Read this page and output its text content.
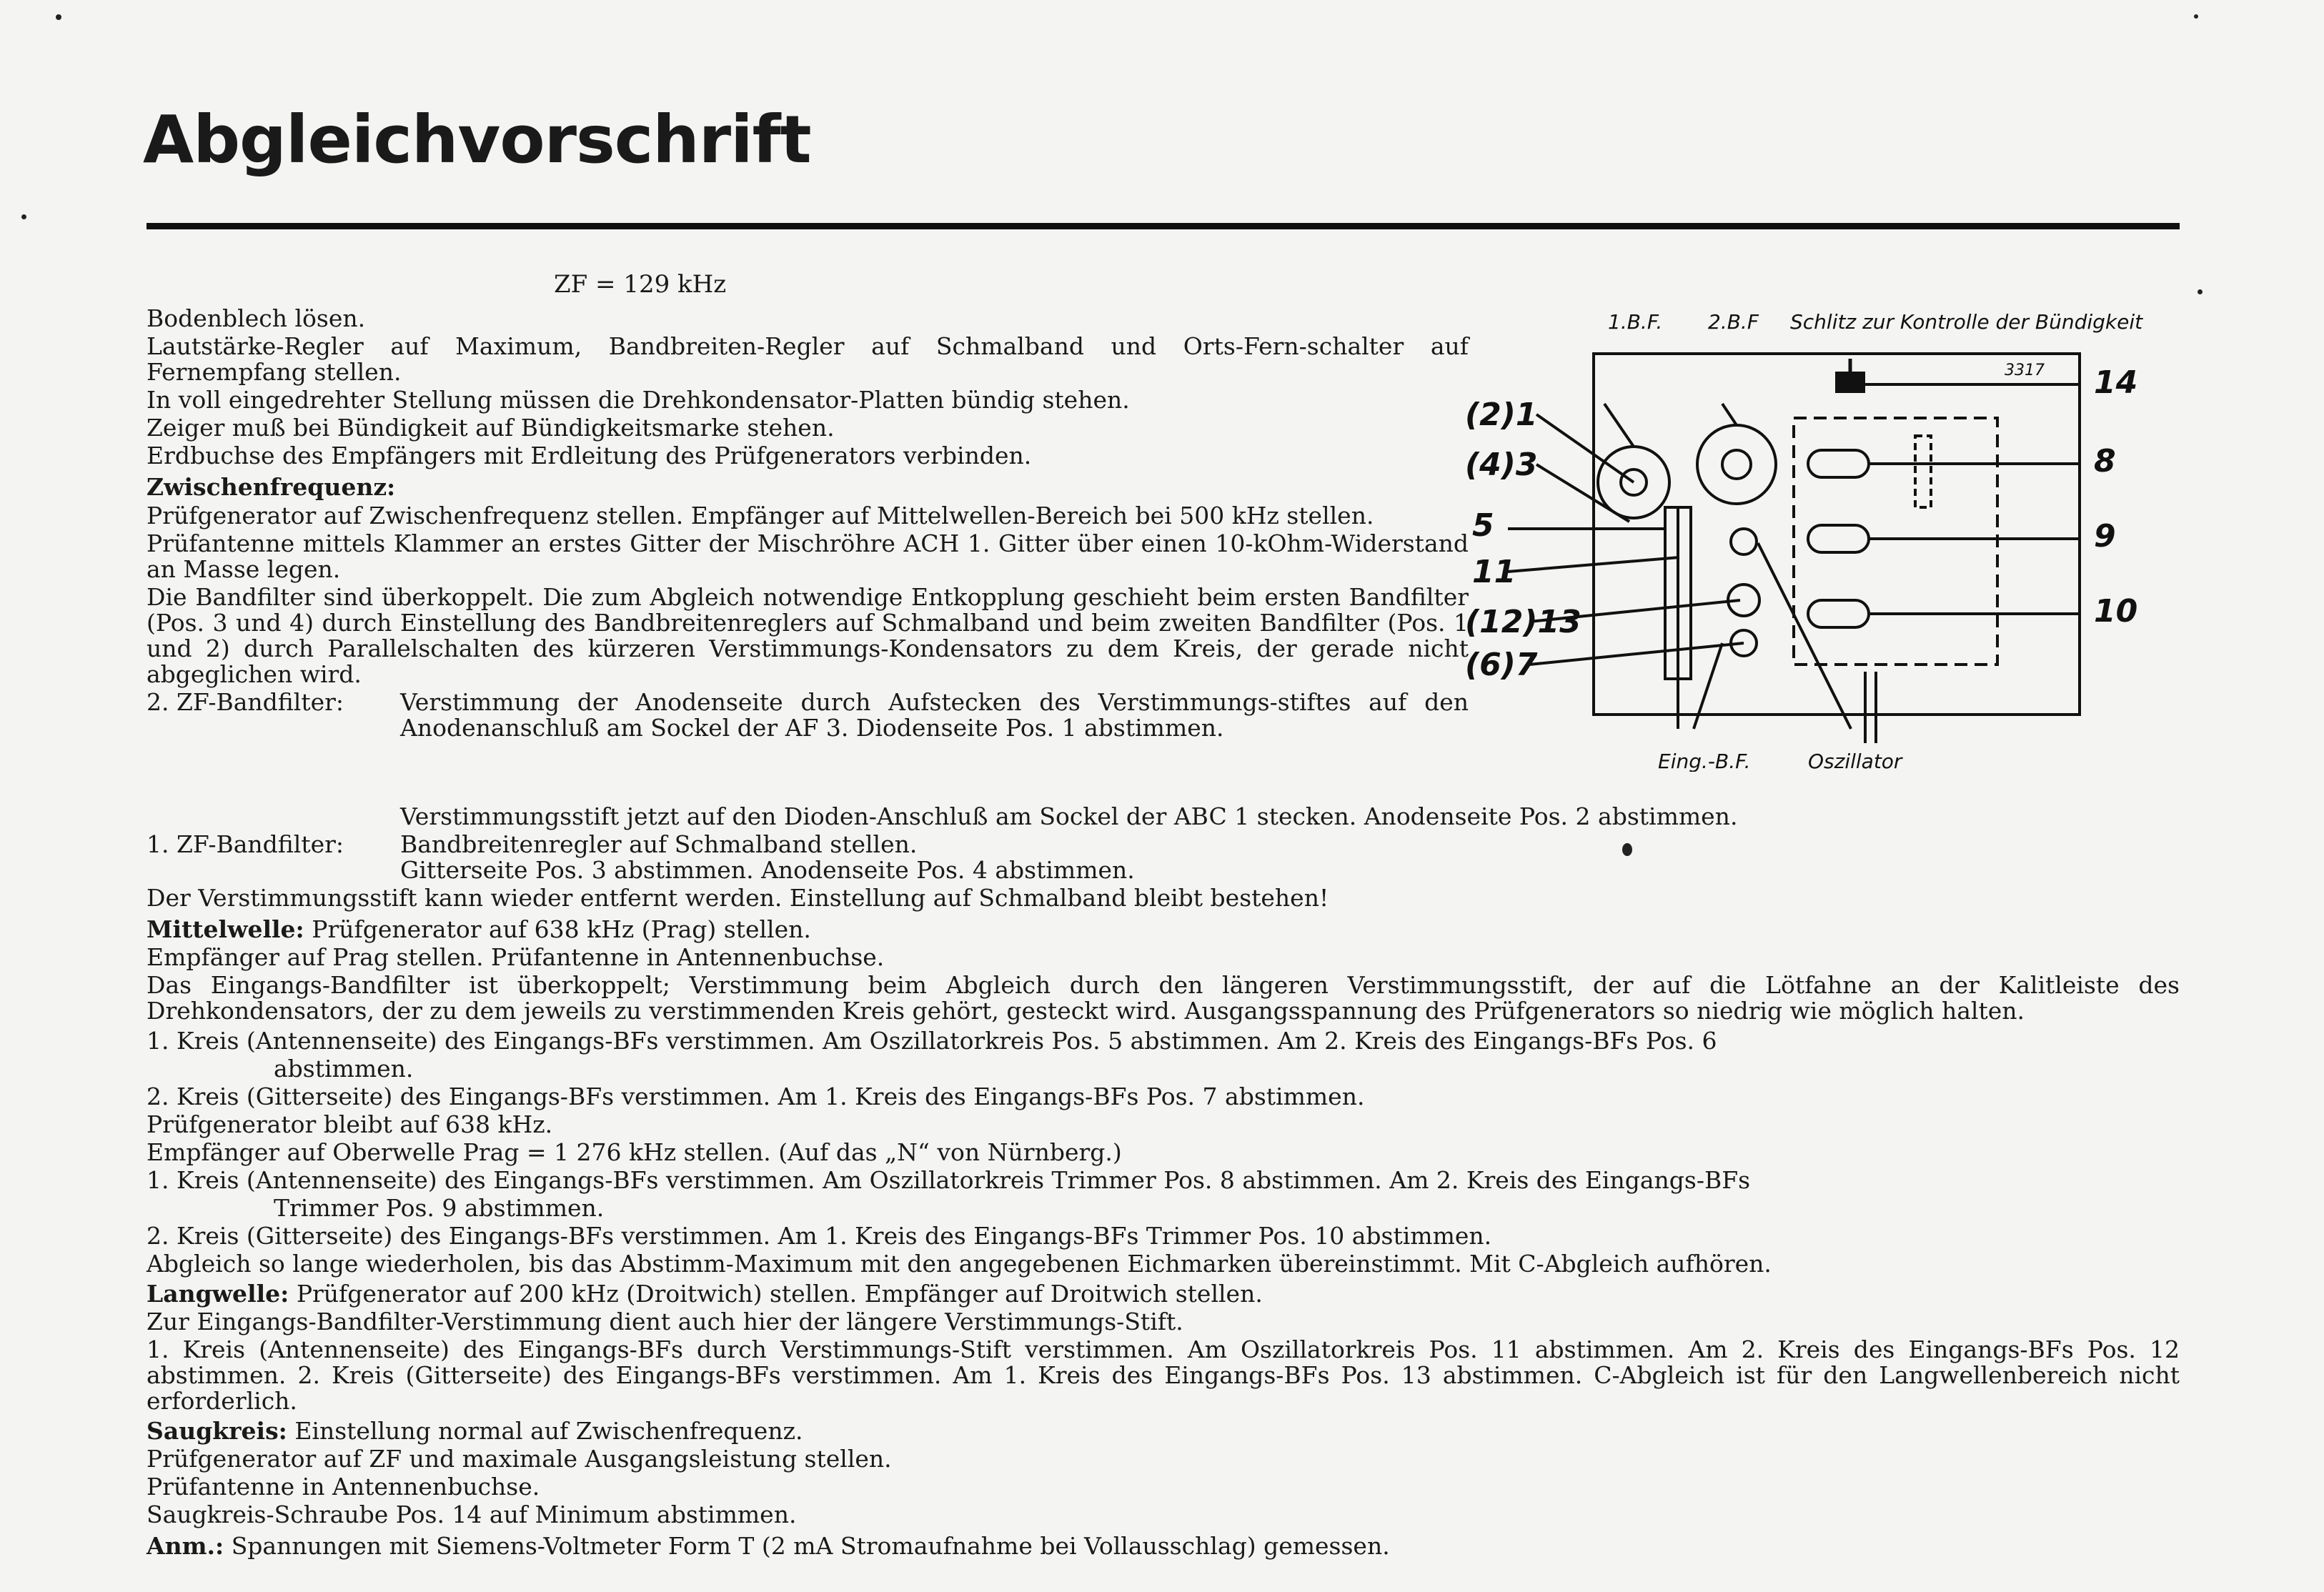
Abgleichvorschrift
ZF = 129 kHz

Bodenblech lösen.

Lautstärke-Regler auf Maximum, Bandbreiten-Regler auf Schmalband und Orts-Fern-schalter auf Fernempfang stellen.

In voll eingedrehter Stellung müssen die Drehkondensator-Platten bündig stehen.

Zeiger muß bei Bündigkeit auf Bündigkeitsmarke stehen.

Erdbuchse des Empfängers mit Erdleitung des Prüfgenerators verbinden.

Zwischenfrequenz:

Prüfgenerator auf Zwischenfrequenz stellen. Empfänger auf Mittelwellen-Bereich bei 500 kHz stellen.

Prüfantenne mittels Klammer an erstes Gitter der Mischröhre ACH 1. Gitter über einen 10-kOhm-Widerstand an Masse legen.

Die Bandfilter sind überkoppelt. Die zum Abgleich notwendige Entkopplung geschieht beim ersten Bandfilter (Pos. 3 und 4) durch Einstellung des Bandbreitenreglers auf Schmalband und beim zweiten Bandfilter (Pos. 1 und 2) durch Parallelschalten des kürzeren Verstimmungs-Kondensators zu dem Kreis, der gerade nicht abgeglichen wird.

2. ZF-Bandfilter:	Verstimmung der Anodenseite durch Aufstecken des Verstimmungs-stiftes auf den Anodenanschluß am Sockel der AF 3. Diodenseite Pos. 1 abstimmen.

Verstimmungsstift jetzt auf den Dioden-Anschluß am Sockel der ABC 1 stecken. Anodenseite Pos. 2 abstimmen.

1. ZF-Bandfilter:	Bandbreitenregler auf Schmalband stellen.

Gitterseite Pos. 3 abstimmen. Anodenseite Pos. 4 abstimmen.

Der Verstimmungsstift kann wieder entfernt werden. Einstellung auf Schmalband bleibt bestehen!

Mittelwelle: Prüfgenerator auf 638 kHz (Prag) stellen.

Empfänger auf Prag stellen. Prüfantenne in Antennenbuchse.

Das Eingangs-Bandfilter ist überkoppelt; Verstimmung beim Abgleich durch den längeren Verstimmungsstift, der auf die Lötfahne an der Kalitleiste des Drehkondensators, der zu dem jeweils zu verstimmenden Kreis gehört, gesteckt wird. Ausgangsspannung des Prüfgenerators so niedrig wie möglich halten.

1. Kreis (Antennenseite) des Eingangs-BFs verstimmen. Am Oszillatorkreis Pos. 5 abstimmen. Am 2. Kreis des Eingangs-BFs Pos. 6

abstimmen.

2. Kreis (Gitterseite) des Eingangs-BFs verstimmen. Am 1. Kreis des Eingangs-BFs Pos. 7 abstimmen.

Prüfgenerator bleibt auf 638 kHz.

Empfänger auf Oberwelle Prag = 1 276 kHz stellen. (Auf das „N“ von Nürnberg.)

1. Kreis (Antennenseite) des Eingangs-BFs verstimmen. Am Oszillatorkreis Trimmer Pos. 8 abstimmen. Am 2. Kreis des Eingangs-BFs

Trimmer Pos. 9 abstimmen.

2. Kreis (Gitterseite) des Eingangs-BFs verstimmen. Am 1. Kreis des Eingangs-BFs Trimmer Pos. 10 abstimmen.

Abgleich so lange wiederholen, bis das Abstimm-Maximum mit den angegebenen Eichmarken übereinstimmt. Mit C-Abgleich aufhören.

Langwelle: Prüfgenerator auf 200 kHz (Droitwich) stellen. Empfänger auf Droitwich stellen.

Zur Eingangs-Bandfilter-Verstimmung dient auch hier der längere Verstimmungs-Stift.

1. Kreis (Antennenseite) des Eingangs-BFs durch Verstimmungs-Stift verstimmen. Am Oszillatorkreis Pos. 11 abstimmen. Am 2. Kreis des Eingangs-BFs Pos. 12 abstimmen. 2. Kreis (Gitterseite) des Eingangs-BFs verstimmen. Am 1. Kreis des Eingangs-BFs Pos. 13 abstimmen. C-Abgleich ist für den Langwellenbereich nicht erforderlich.

Saugkreis: Einstellung normal auf Zwischenfrequenz.

Prüfgenerator auf ZF und maximale Ausgangsleistung stellen.

Prüfantenne in Antennenbuchse.

Saugkreis-Schraube Pos. 14 auf Minimum abstimmen.

Anm.: Spannungen mit Siemens-Voltmeter Form T (2 mA Stromaufnahme bei Vollausschlag) gemessen.

1.B.F. 2.B.F Schlitz zur Kontrolle der Bündigkeit
3317
Eing.-B.F.	Oszillator
(2)1
(4)3
5
11
(12)13
(6)7
14
8
9
10
